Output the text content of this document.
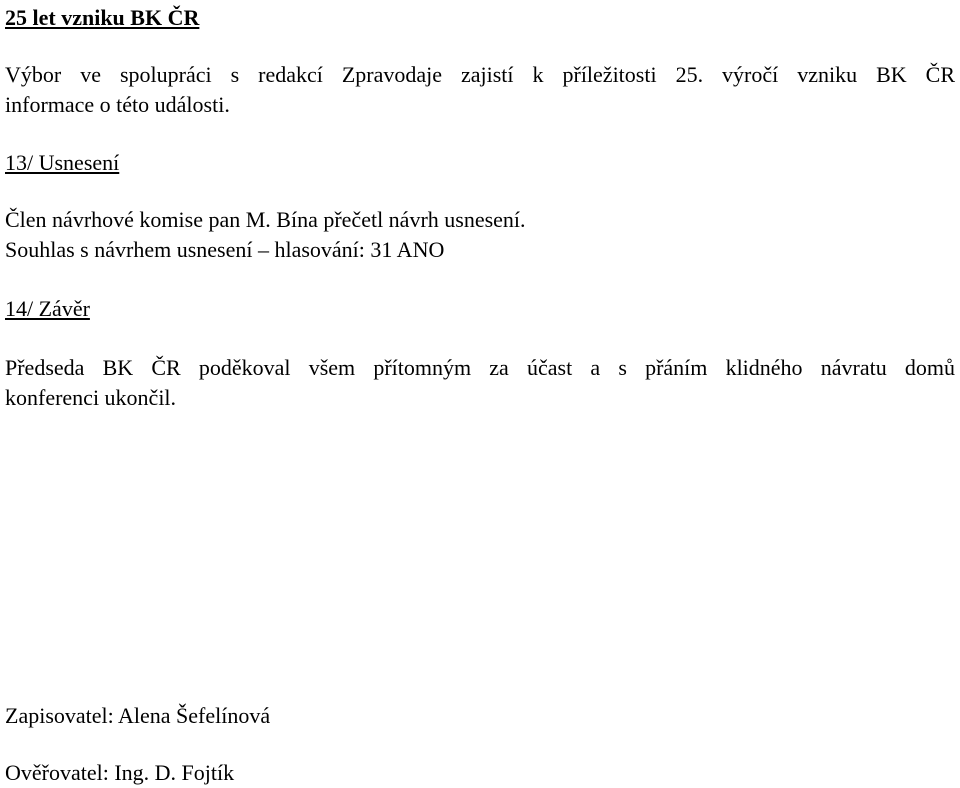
25 let vzniku BK ČR
Výbor ve spolupráci s redakcí Zpravodaje zajistí k příležitosti 25. výročí vzniku BK ČR
informace o této události.
13/ Usnesení
Člen návrhové komise pan M. Bína přečetl návrh usnesení.
Souhlas s návrhem usnesení – hlasování: 31 ANO
14/ Závěr
Předseda BK ČR poděkoval všem přítomným za účast a s přáním klidného návratu domů
konferenci ukončil.
Zapisovatel: Alena Šefelínová
Ověřovatel: Ing. D. Fojtík
